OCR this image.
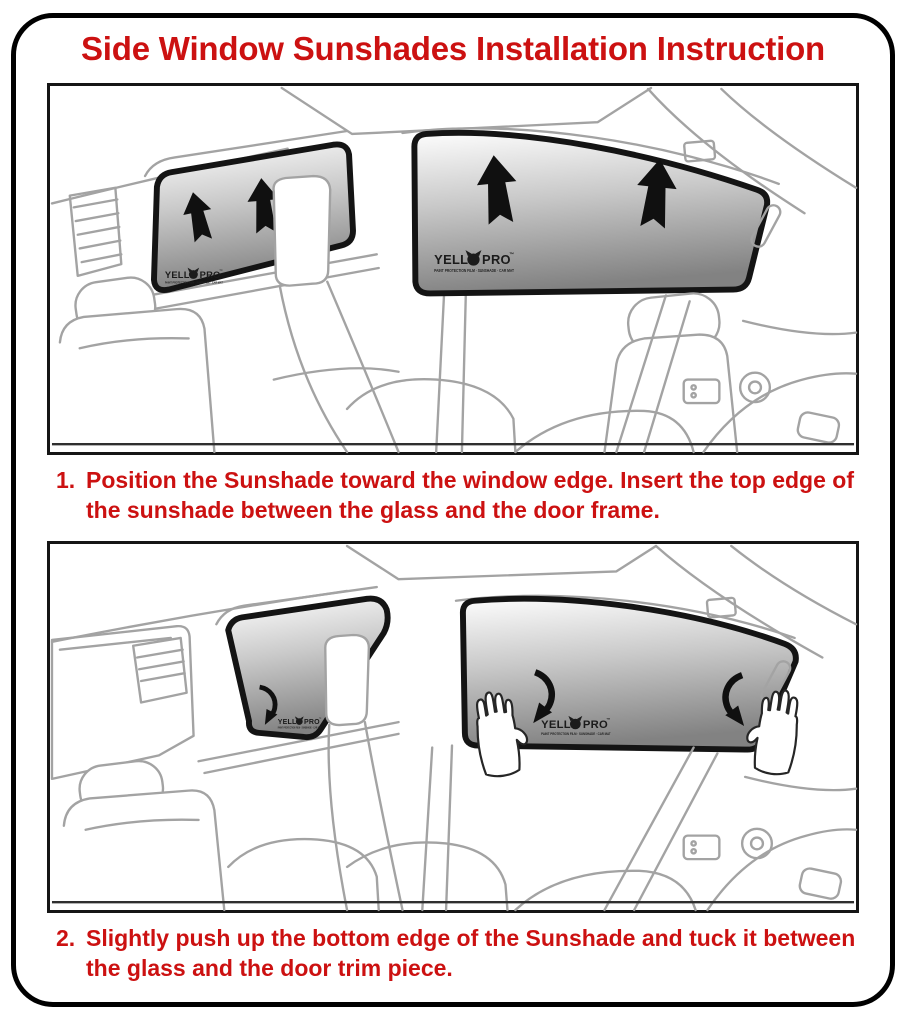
Side Window Sunshades Installation Instruction
YELL	PRO
™
PAINT PROTECTION FILM · SUNSHADE · CAR MAT
1. Position the Sunshade toward the window edge. Insert the top edge of the sunshade between the glass and the door frame.
YELL	PRO
™
PAINT PROTECTION FILM · SUNSHADE · CAR MAT
2. Slightly push up the bottom edge of the Sunshade and tuck it between the glass and the door trim piece.
